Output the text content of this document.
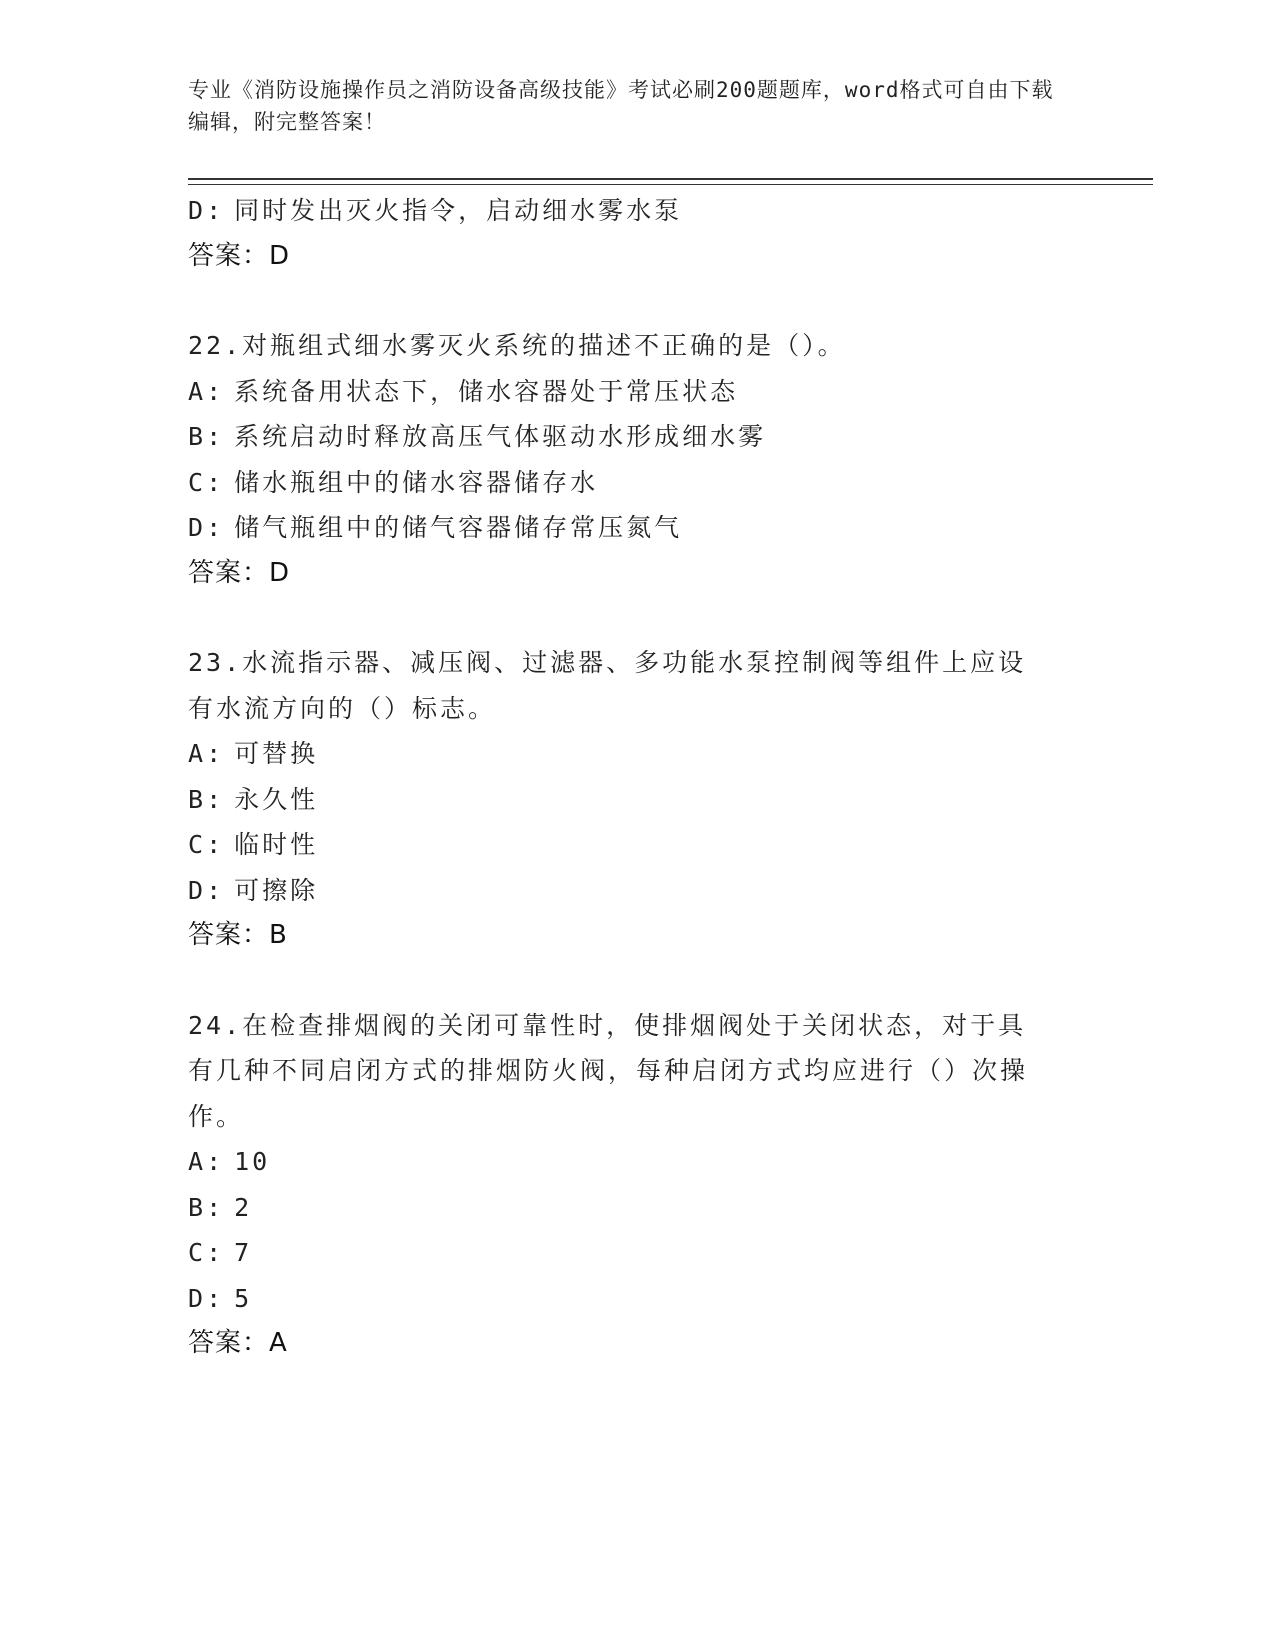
专业《消防设施操作员之消防设备高级技能》考试必刷200题题库，word格式可自由下载编辑，附完整答案！
D: 同时发出灭火指令，启动细水雾水泵
答案：D
22.对瓶组式细水雾灭火系统的描述不正确的是（）。
A: 系统备用状态下，储水容器处于常压状态
B: 系统启动时释放高压气体驱动水形成细水雾
C: 储水瓶组中的储水容器储存水
D: 储气瓶组中的储气容器储存常压氮气
答案：D
23.水流指示器、减压阀、过滤器、多功能水泵控制阀等组件上应设有水流方向的（）标志。
A: 可替换
B: 永久性
C: 临时性
D: 可擦除
答案：B
24.在检查排烟阀的关闭可靠性时，使排烟阀处于关闭状态，对于具有几种不同启闭方式的排烟防火阀，每种启闭方式均应进行（）次操作。
A: 10
B: 2
C: 7
D: 5
答案：A
